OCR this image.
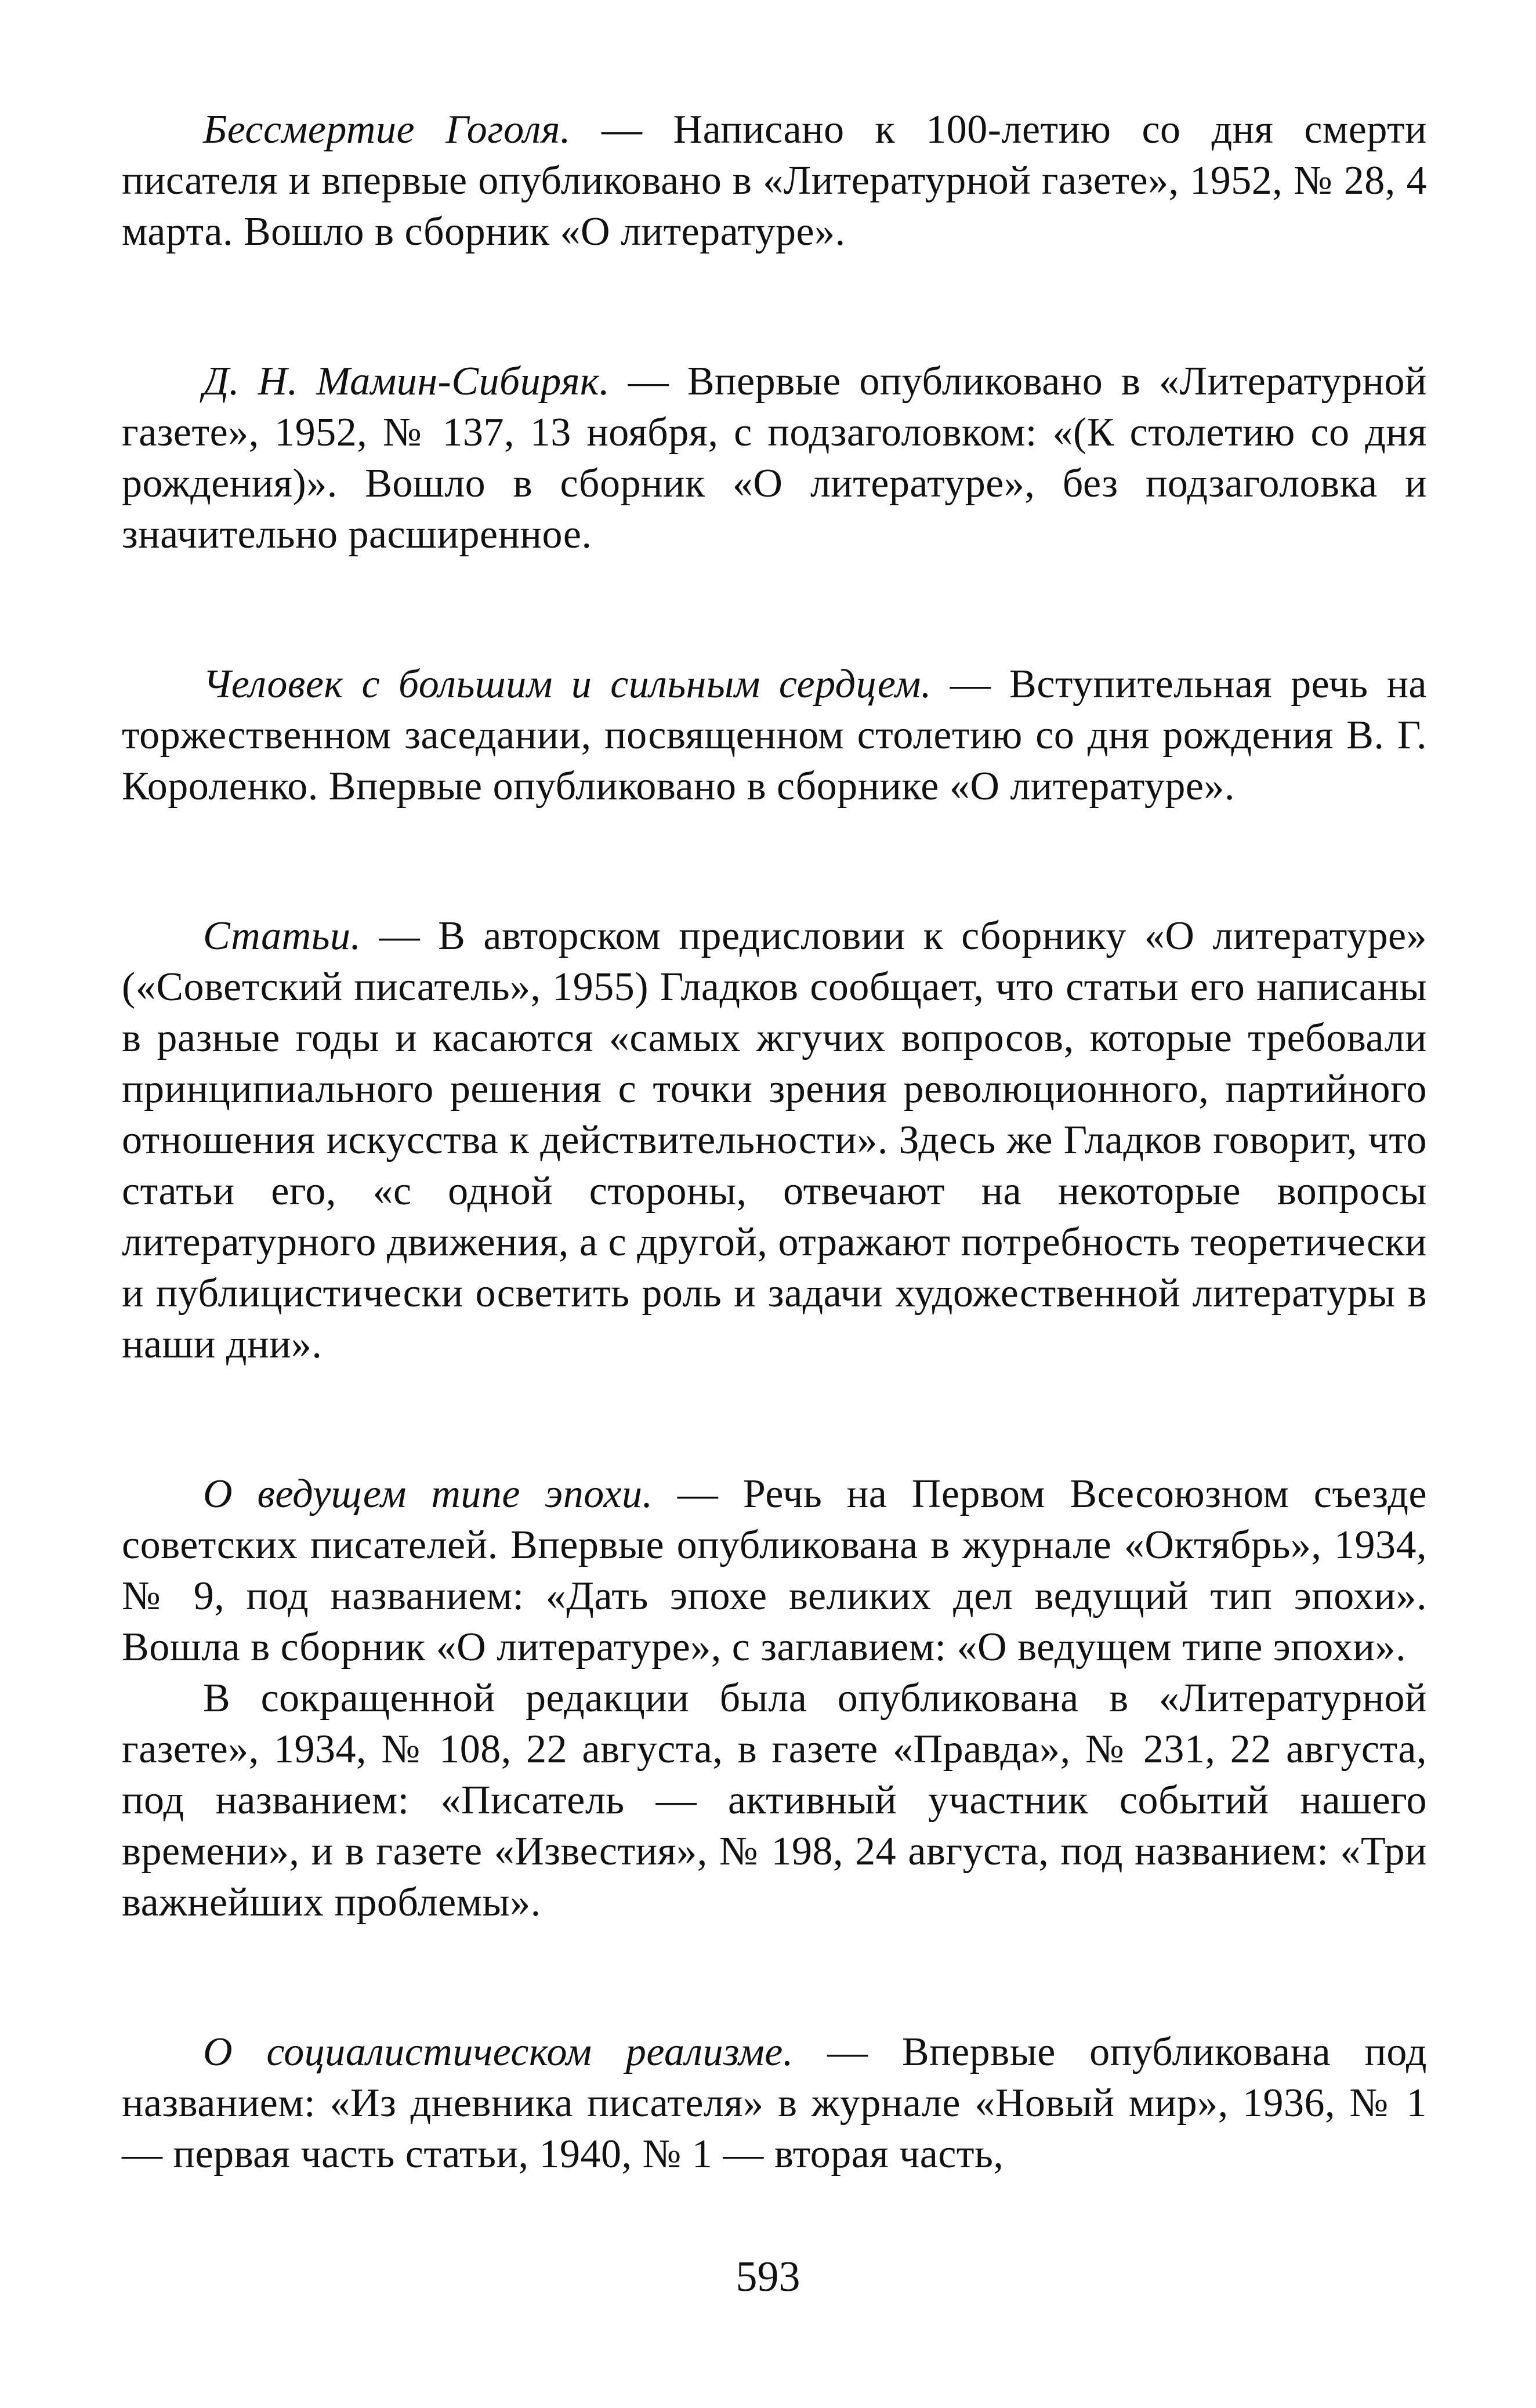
Бессмертие Гоголя. — Написано к 100-летию со дня смерти писателя и впервые опубликовано в «Литературной газете», 1952, № 28, 4 марта. Вошло в сборник «О литературе».

Д. Н. Мамин-Сибиряк. — Впервые опубликовано в «Литературной газете», 1952, № 137, 13 ноября, с подзаголовком: «(К столетию со дня рождения)». Вошло в сборник «О литературе», без подзаголовка и значительно расширенное.

Человек с большим и сильным сердцем. — Вступительная речь на торжественном заседании, посвященном столетию со дня рождения В. Г. Короленко. Впервые опубликовано в сборнике «О литературе».

Статьи. — В авторском предисловии к сборнику «О литературе» («Советский писатель», 1955) Гладков сообщает, что статьи его написаны в разные годы и касаются «самых жгучих вопросов, которые требовали принципиального решения с точки зрения революционного, партийного отношения искусства к действительности». Здесь же Гладков говорит, что статьи его, «с одной стороны, отвечают на некоторые вопросы литературного движения, а с другой, отражают потребность теоретически и публицистически осветить роль и задачи художественной литературы в наши дни».

О ведущем типе эпохи. — Речь на Первом Всесоюзном съезде советских писателей. Впервые опубликована в журнале «Октябрь», 1934, № 9, под названием: «Дать эпохе великих дел ведущий тип эпохи». Вошла в сборник «О литературе», с заглавием: «О ведущем типе эпохи».

В сокращенной редакции была опубликована в «Литературной газете», 1934, № 108, 22 августа, в газете «Правда», № 231, 22 августа, под названием: «Писатель — активный участник событий нашего времени», и в газете «Известия», № 198, 24 августа, под названием: «Три важнейших проблемы».

О социалистическом реализме. — Впервые опубликована под названием: «Из дневника писателя» в журнале «Новый мир», 1936, № 1 — первая часть статьи, 1940, № 1 — вторая часть,

593
